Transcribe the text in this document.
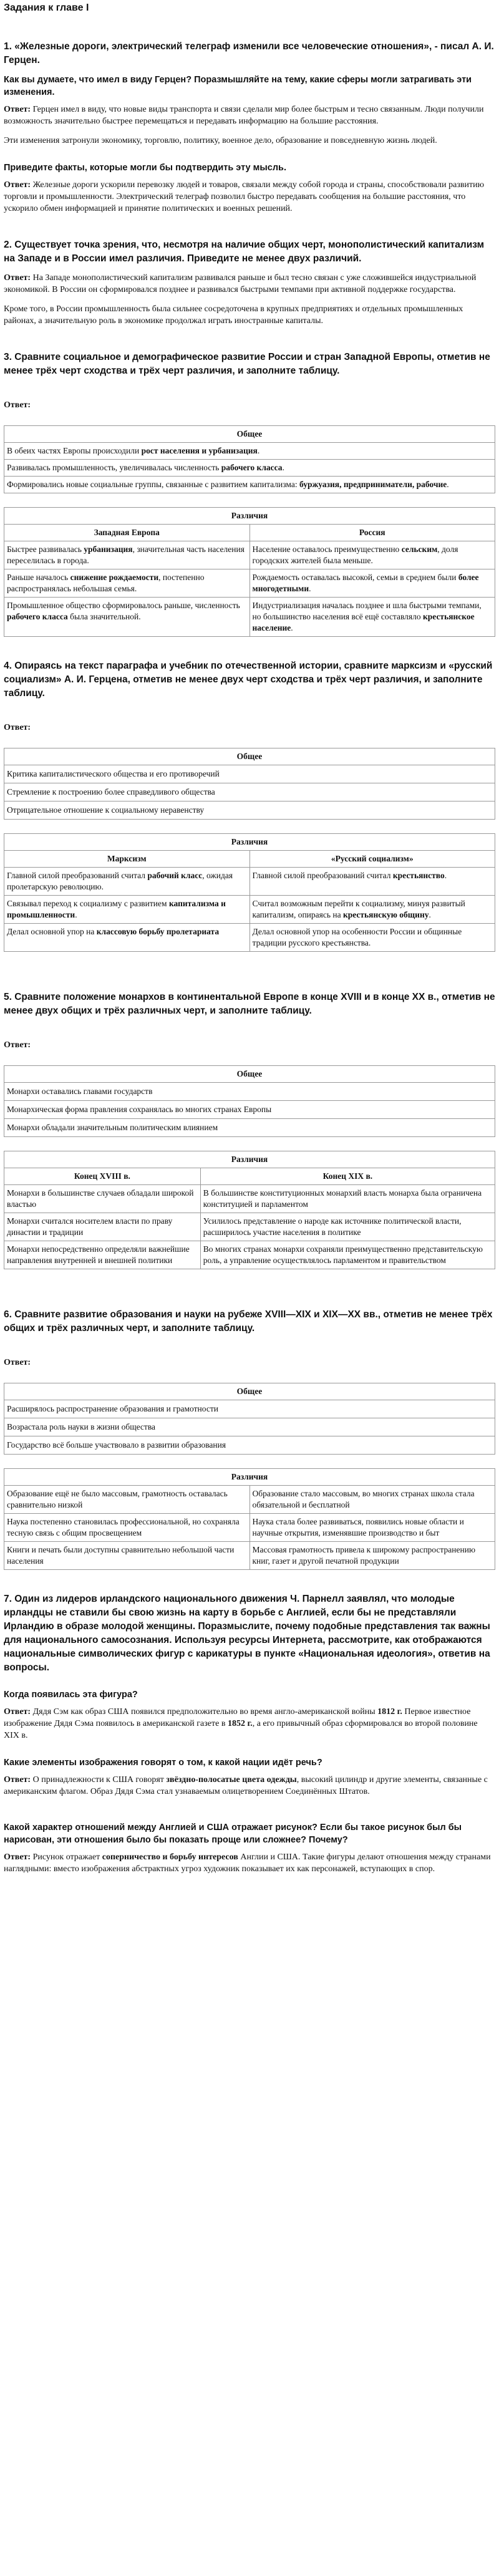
Задания к главе I
1. «Железные дороги, электрический телеграф изменили все человеческие отношения», - писал А. И. Герцен.
Как вы думаете, что имел в виду Герцен? Поразмышляйте на тему, какие сферы могли затрагивать эти изменения.
Ответ: Герцен имел в виду, что новые виды транспорта и связи сделали мир более быстрым и тесно связанным. Люди получили возможность значительно быстрее перемещаться и передавать информацию на большие расстояния.
Эти изменения затронули экономику, торговлю, политику, военное дело, образование и повседневную жизнь людей.
Приведите факты, которые могли бы подтвердить эту мысль.
Ответ: Железные дороги ускорили перевозку людей и товаров, связали между собой города и страны, способствовали развитию торговли и промышленности. Электрический телеграф позволил быстро передавать сообщения на большие расстояния, что ускорило обмен информацией и принятие политических и военных решений.
2. Существует точка зрения, что, несмотря на наличие общих черт, монополистический капитализм на Западе и в России имел различия. Приведите не менее двух различий.
Ответ: На Западе монополистический капитализм развивался раньше и был тесно связан с уже сложившейся индустриальной экономикой. В России он сформировался позднее и развивался быстрыми темпами при активной поддержке государства.
Кроме того, в России промышленность была сильнее сосредоточена в крупных предприятиях и отдельных промышленных районах, а значительную роль в экономике продолжал играть иностранные капиталы.
3. Сравните социальное и демографическое развитие России и стран Западной Европы, отметив не менее трёх черт сходства и трёх черт различия, и заполните таблицу.
Ответ:
Общее
В обеих частях Европы происходили рост населения и урбанизация.
Развивалась промышленность, увеличивалась численность рабочего класса.
Формировались новые социальные группы, связанные с развитием капитализма: буржуазия, предприниматели, рабочие.
Различия	
Западная Европа	Россия
Быстрее развивалась урбанизация, значительная часть населения переселилась в города.	Население оставалось преимущественно сельским, доля городских жителей была меньше.
Раньше началось снижение рождаемости, постепенно распространялась небольшая семья.	Рождаемость оставалась высокой, семьи в среднем были более многодетными.
Промышленное общество сформировалось раньше, численность рабочего класса была значительной.	Индустриализация началась позднее и шла быстрыми темпами, но большинство населения всё ещё составляло крестьянское население.
4. Опираясь на текст параграфа и учебник по отечественной истории, сравните марксизм и «русский социализм» А. И. Герцена, отметив не менее двух черт сходства и трёх черт различия, и заполните таблицу.
Ответ:
Общее
Критика капиталистического общества и его противоречий
Стремление к построению более справедливого общества
Отрицательное отношение к социальному неравенству
Различия	
Марксизм	«Русский социализм»
Главной силой преобразований считал рабочий класс, ожидая пролетарскую революцию.	Главной силой преобразований считал крестьянство.
Связывал переход к социализму с развитием капитализма и промышленности.	Считал возможным перейти к социализму, минуя развитый капитализм, опираясь на крестьянскую общину.
Делал основной упор на классовую борьбу пролетариата	Делал основной упор на особенности России и общинные традиции русского крестьянства.
5. Сравните положение монархов в континентальной Европе в конце XVIII и в конце XX в., отметив не менее двух общих и трёх различных черт, и заполните таблицу.
Ответ:
Общее
Монархи оставались главами государств
Монархическая форма правления сохранялась во многих странах Европы
Монархи обладали значительным политическим влиянием
Различия	
Конец XVIII в.	Конец XIX в.
Монархи в большинстве случаев обладали широкой властью	В большинстве конституционных монархий власть монарха была ограничена конституцией и парламентом
Монархи считался носителем власти по праву династии и традиции	Усилилось представление о народе как источнике политической власти, расширилось участие населения в политике
Монархи непосредственно определяли важнейшие направления внутренней и внешней политики	Во многих странах монархи сохраняли преимущественно представительскую роль, а управление осуществлялось парламентом и правительством
6. Сравните развитие образования и науки на рубеже XVIII—XIX и XIX—XX вв., отметив не менее трёх общих и трёх различных черт, и заполните таблицу.
Ответ:
Общее
Расширялось распространение образования и грамотности
Возрастала роль науки в жизни общества
Государство всё больше участвовало в развитии образования
Различия	
Образование ещё не было массовым, грамотность оставалась сравнительно низкой	Образование стало массовым, во многих странах школа стала обязательной и бесплатной
Наука постепенно становилась профессиональной, но сохраняла тесную связь с общим просвещением	Наука стала более развиваться, появились новые области и научные открытия, изменявшие производство и быт
Книги и печать были доступны сравнительно небольшой части населения	Массовая грамотность привела к широкому распространению книг, газет и другой печатной продукции
7. Один из лидеров ирландского национального движения Ч. Парнелл заявлял, что молодые ирландцы не ставили бы свою жизнь на карту в борьбе с Англией, если бы не представляли Ирландию в образе молодой женщины. Поразмыслите, почему подобные представления так важны для национального самосознания. Используя ресурсы Интернета, рассмотрите, как отображаются национальные символических фигур с карикатуры в пункте «Национальная идеология», ответив на вопросы.
Когда появилась эта фигура?
Ответ: Дядя Сэм как образ США появился предположительно во время англо-американской войны 1812 г. Первое известное изображение Дядя Сэма появилось в американской газете в 1852 г., а его привычный образ сформировался во второй половине XIX в.
Какие элементы изображения говорят о том, к какой нации идёт речь?
Ответ: О принадлежности к США говорят звёздно-полосатые цвета одежды, высокий цилиндр и другие элементы, связанные с американским флагом. Образ Дядя Сэма стал узнаваемым олицетворением Соединённых Штатов.
Какой характер отношений между Англией и США отражает рисунок? Если бы такое рисунок был бы нарисован, эти отношения было бы показать проще или сложнее? Почему?
Ответ: Рисунок отражает соперничество и борьбу интересов Англии и США. Такие фигуры делают отношения между странами наглядными: вместо изображения абстрактных угроз художник показывает их как персонажей, вступающих в спор.
